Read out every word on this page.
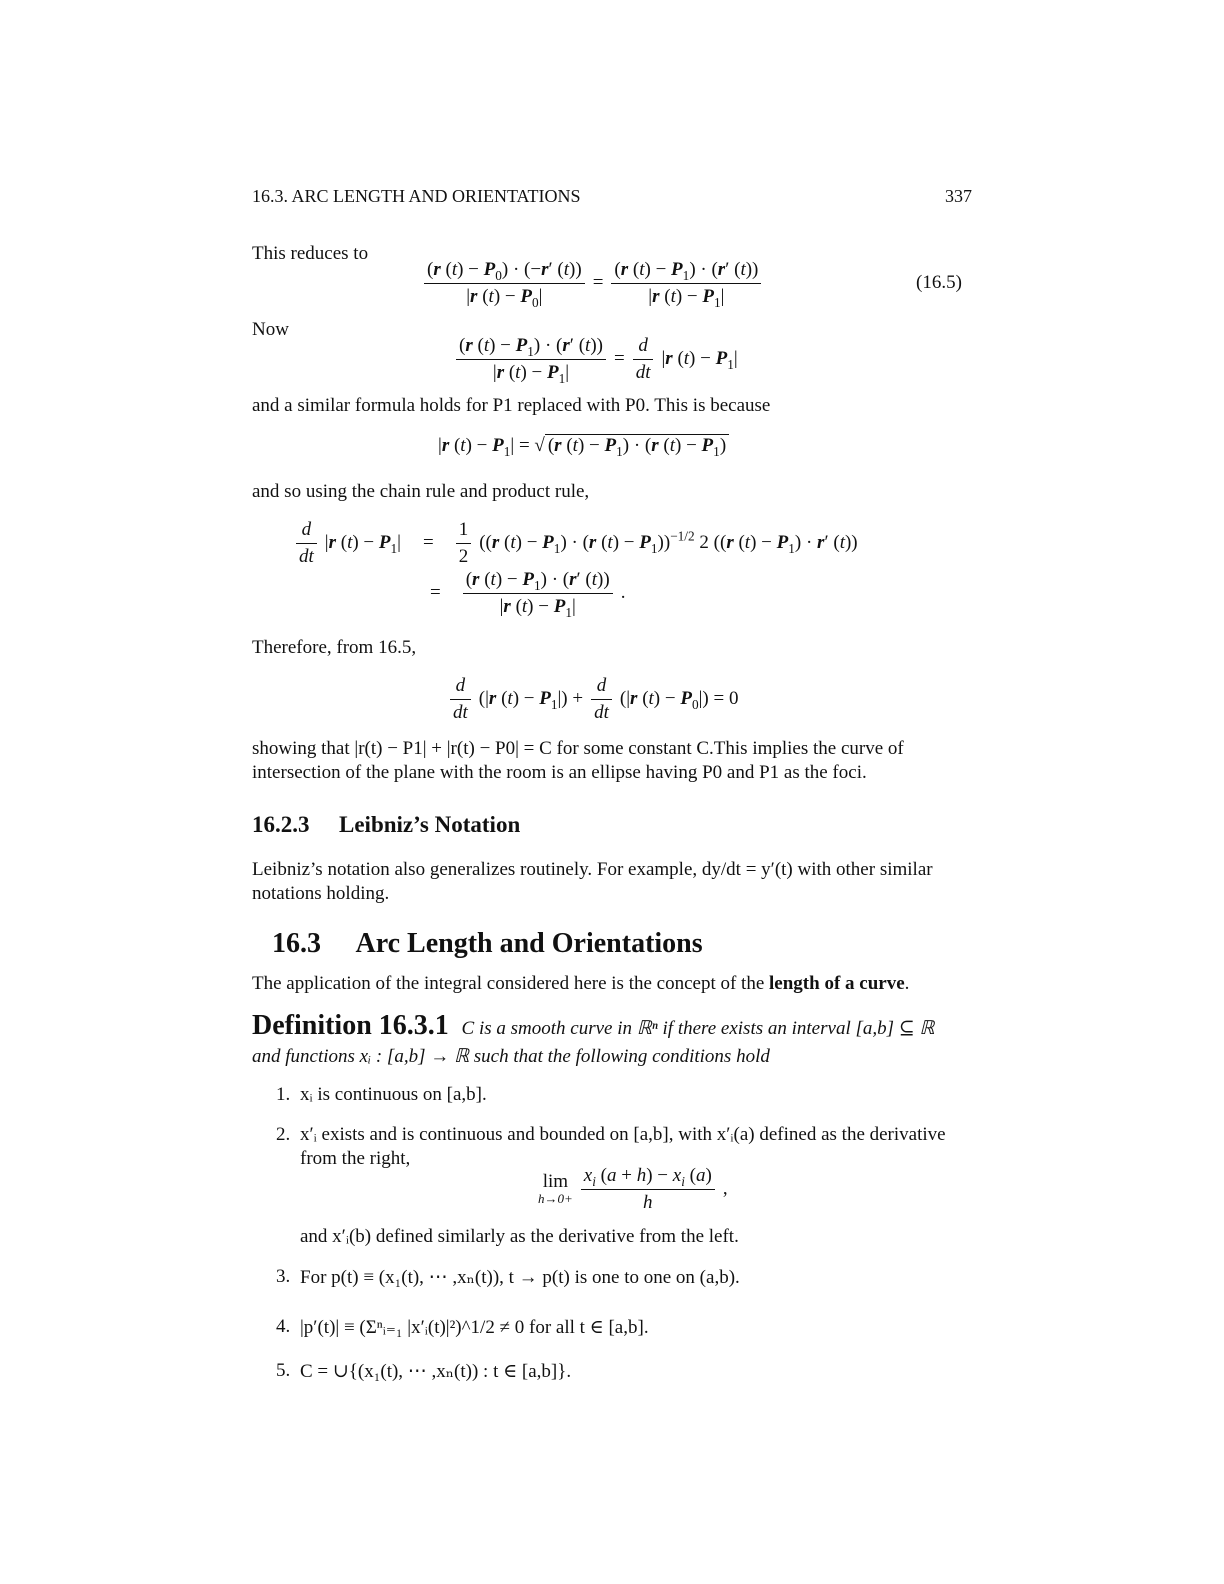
16.3. ARC LENGTH AND ORIENTATIONS	337
This reduces to
$\frac{(r (t) - P_0) \cdot (-r' (t))}{|r (t) - P_0|} = \frac{(r (t) - P_1) \cdot (r' (t))}{|r (t) - P_1|}$	(16.5)
Now
$\frac{(r (t) - P_1) \cdot (r' (t))}{|r (t) - P_1|} = \frac{d}{dt} |r$ $(t) - P_1|$
and a similar formula holds for P1 replaced with P0. This is because
|r $(t) - P_1|$ = √ (r $(t) - P_1) \cdot (r$ $(t) - P_1$)
and so using the chain rule and product rule,
$\frac{d}{dt} |r$ $(t) - P_1| = \frac{1}{2} ((r$ $(t) - P_1) \cdot (r$ $(t) - P_1))^{-1/2}$ 2 ((r $(t) - P_1) \cdot r'$ (t))
= $\frac{(r (t) - P_1) \cdot (r' (t))}{|r (t) - P_1|}$ .
Therefore, from 16.5,
$\frac{d}{dt} (|r$ $(t) - P_1|) + \frac{d}{dt} (|r$ $(t) - P_0|) = 0$
showing that |r(t) − P1| + |r(t) − P0| = C for some constant C.This implies the curve of
intersection of the plane with the room is an ellipse having P0 and P1 as the foci.
16.2.3 Leibniz’s Notation
Leibniz’s notation also generalizes routinely. For example, dy/dt = y′(t) with other similar
notations holding.
16.3 Arc Length and Orientations
The application of the integral considered here is the concept of the length of a curve.
Definition 16.3.1 C is a smooth curve in ℝⁿ if there exists an interval [a,b] ⊆ ℝ
and functions xᵢ : [a,b] → ℝ such that the following conditions hold
1. xᵢ is continuous on [a,b].
2. x′ᵢ exists and is continuous and bounded on [a,b], with x′ᵢ(a) defined as the derivative
from the right,
lim
$h\to 0+ \frac{x_i (a + h) - x_i (a)}{h}$ ,
and x′ᵢ(b) defined similarly as the derivative from the left.
3. For p(t) ≡ (x₁(t), ⋯ ,xₙ(t)), t → p(t) is one to one on (a,b).
4. |p′(t)| ≡ (Σⁿᵢ₌₁ |x′ᵢ(t)|²)^1/2 ≠ 0 for all t ∈ [a,b].
5. C = ∪{(x₁(t), ⋯ ,xₙ(t)) : t ∈ [a,b]}.
